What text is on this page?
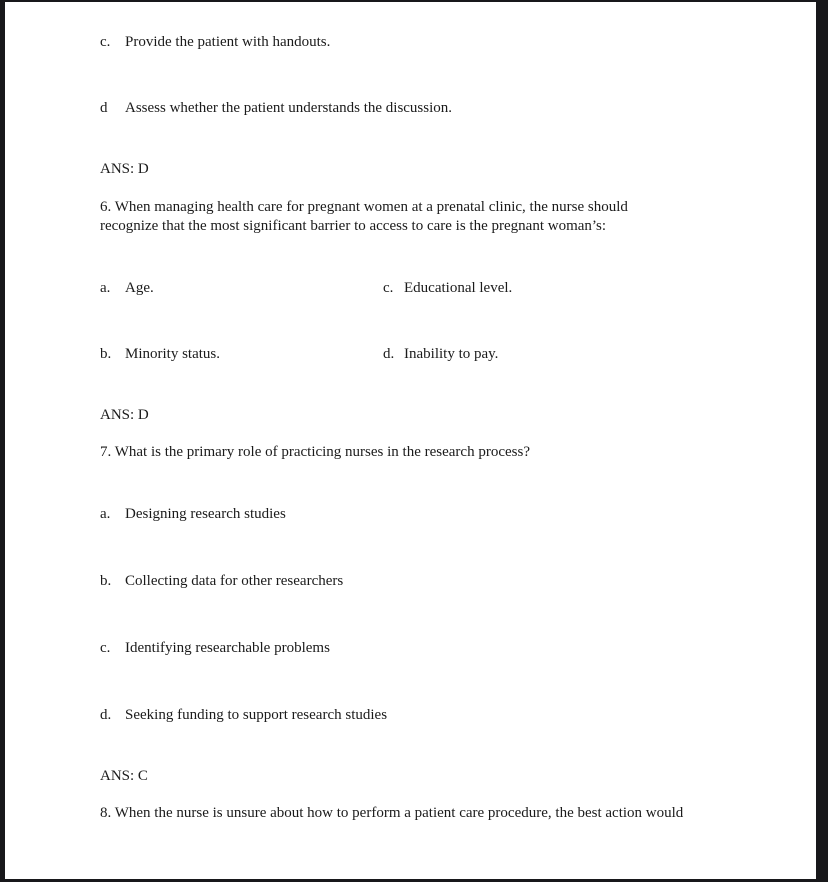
c. Provide the patient with handouts.
d	Assess whether the patient understands the discussion.
ANS: D
6. When managing health care for pregnant women at a prenatal clinic, the nurse should
recognize that the most significant barrier to access to care is the pregnant woman’s:
a. Age.	c. Educational level.
b. Minority status.	d. Inability to pay.
ANS: D
7. What is the primary role of practicing nurses in the research process?
a. Designing research studies
b. Collecting data for other researchers
c. Identifying researchable problems
d. Seeking funding to support research studies
ANS: C
8. When the nurse is unsure about how to perform a patient care procedure, the best action would
